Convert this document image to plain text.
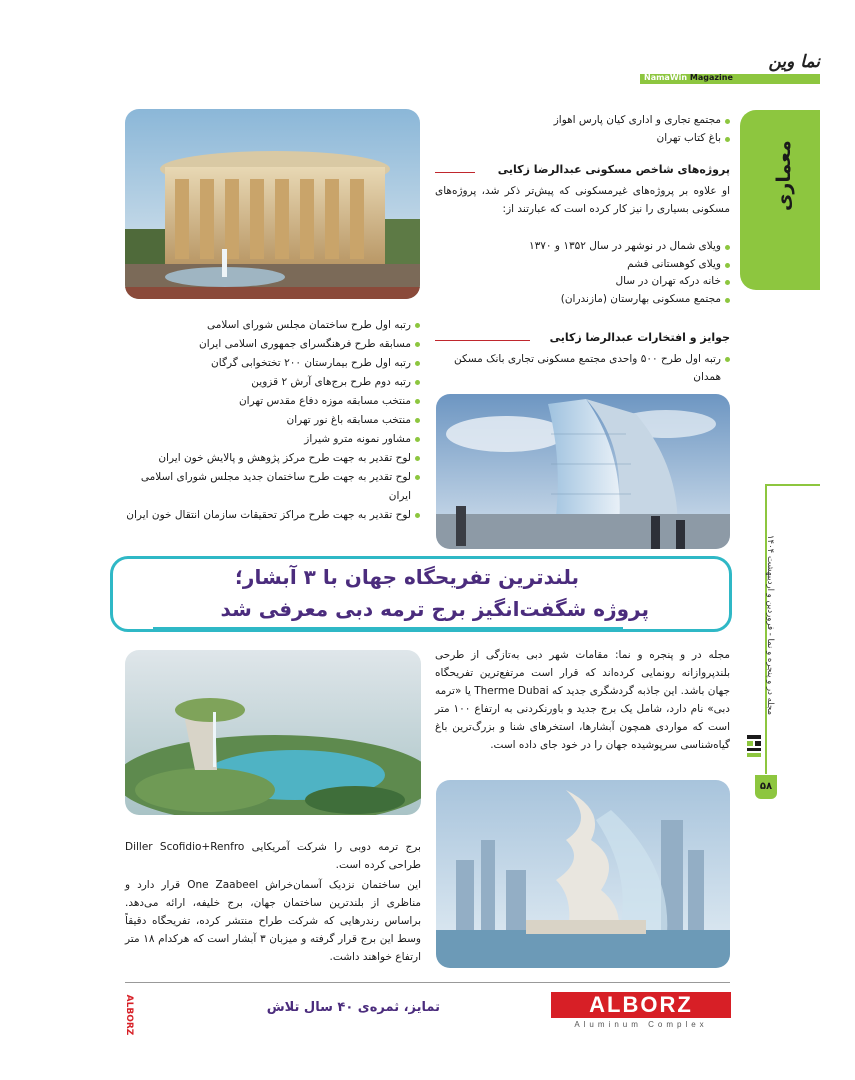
نما وین
NamaWin Magazine
معماری
مجله در و پنجره و نما - فروردین و اردیبهشت ۱۴۰۴
۵۸
مجتمع تجاری و اداری کیان پارس اهواز
باغ کتاب تهران
پروژه‌های شاخص مسکونی عبدالرضا زکایی
او علاوه بر پروژه‌های غیرمسکونی که پیش‌تر ذکر شد، پروژه‌های مسکونی بسیاری را نیز کار کرده است که عبارتند از:
ویلای شمال در نوشهر در سال ۱۳۵۲ و ۱۳۷۰
ویلای کوهستانی فشم
خانه درکه تهران در سال
مجتمع مسکونی بهارستان (مازندران)
جوایز و افتخارات عبدالرضا زکایی
رتبه اول طرح ۵۰۰ واحدی مجتمع مسکونی تجاری بانک مسکن همدان
رتبه اول طرح ساختمان مجلس شورای اسلامی
مسابقه طرح فرهنگسرای جمهوری اسلامی ایران
رتبه اول طرح بیمارستان ۲۰۰ تختخوابی گرگان
رتبه دوم طرح برج‌های آرش ۲ قزوین
منتخب مسابقه موزه دفاع مقدس تهران
منتخب مسابقه باغ نور تهران
مشاور نمونه مترو شیراز
لوح تقدیر به جهت طرح مرکز پژوهش و پالایش خون ایران
لوح تقدیر به جهت طرح ساختمان جدید مجلس شورای اسلامی ایران
لوح تقدیر به جهت طرح مراکز تحقیقات سازمان انتقال خون ایران
بلندترین تفریحگاه جهان با ۳ آبشار؛
پروژه شگفت‌انگیز برج ترمه دبی معرفی شد
مجله در و پنجره و نما: مقامات شهر دبی به‌تازگی از طرحی بلندپروازانه رونمایی کرده‌اند که قرار است مرتفع‌ترین تفریحگاه جهان باشد. این جاذبه گردشگری جدید که Therme Dubai یا «ترمه دبی» نام دارد، شامل یک برج جدید و باورنکردنی به ارتفاع ۱۰۰ متر است که مواردی همچون آبشارها، استخرهای شنا و بزرگ‌ترین باغ گیاه‌شناسی سرپوشیده جهان را در خود جای داده است.
برج ترمه دوبی را شرکت آمریکایی Diller Scofidio+Renfro طراحی کرده است.
این ساختمان نزدیک آسمان‌خراش One Zaabeel قرار دارد و مناظری از بلندترین ساختمان جهان، برج خلیفه، ارائه می‌دهد. براساس رندرهایی که شرکت طراح منتشر کرده، تفریحگاه دقیقاً وسط این برج قرار گرفته و میزبان ۳ آبشار است که هرکدام ۱۸ متر ارتفاع خواهند داشت.
ALBORZ	تمایز، ثمره‌ی ۴۰ سال تلاش	ALBORZ
Aluminum Complex
